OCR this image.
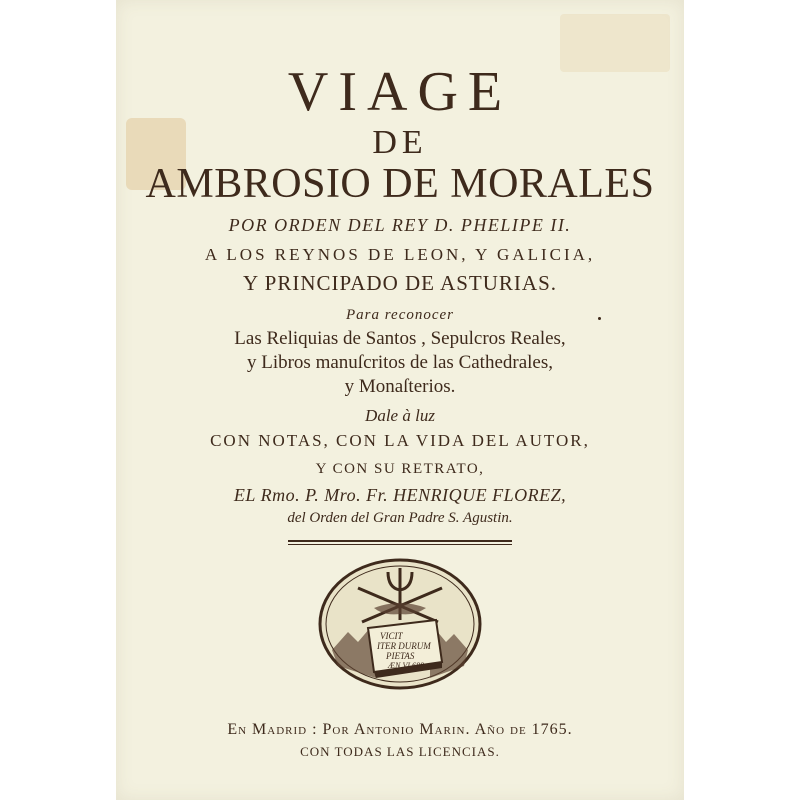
VIAGE
DE
AMBROSIO DE MORALES
POR ORDEN DEL REY D. PHELIPE II.
A LOS REYNOS DE LEON, Y GALICIA,
Y PRINCIPADO DE ASTURIAS.
Para reconocer
Las Reliquias de Santos , Sepulcros Reales,
y Libros manuſcritos de las Cathedrales,
y Monaſterios.
Dale à luz
CON NOTAS, CON LA VIDA DEL AUTOR,
Y CON SU RETRATO,
EL Rmo. P. Mro. Fr. HENRIQUE FLOREZ,
del Orden del Gran Padre S. Agustin.
VICIT
ITER DURUM
PIETAS
ÆN.VI.688.
En Madrid : Por Antonio Marin. Año de 1765.
CON TODAS LAS LICENCIAS.
